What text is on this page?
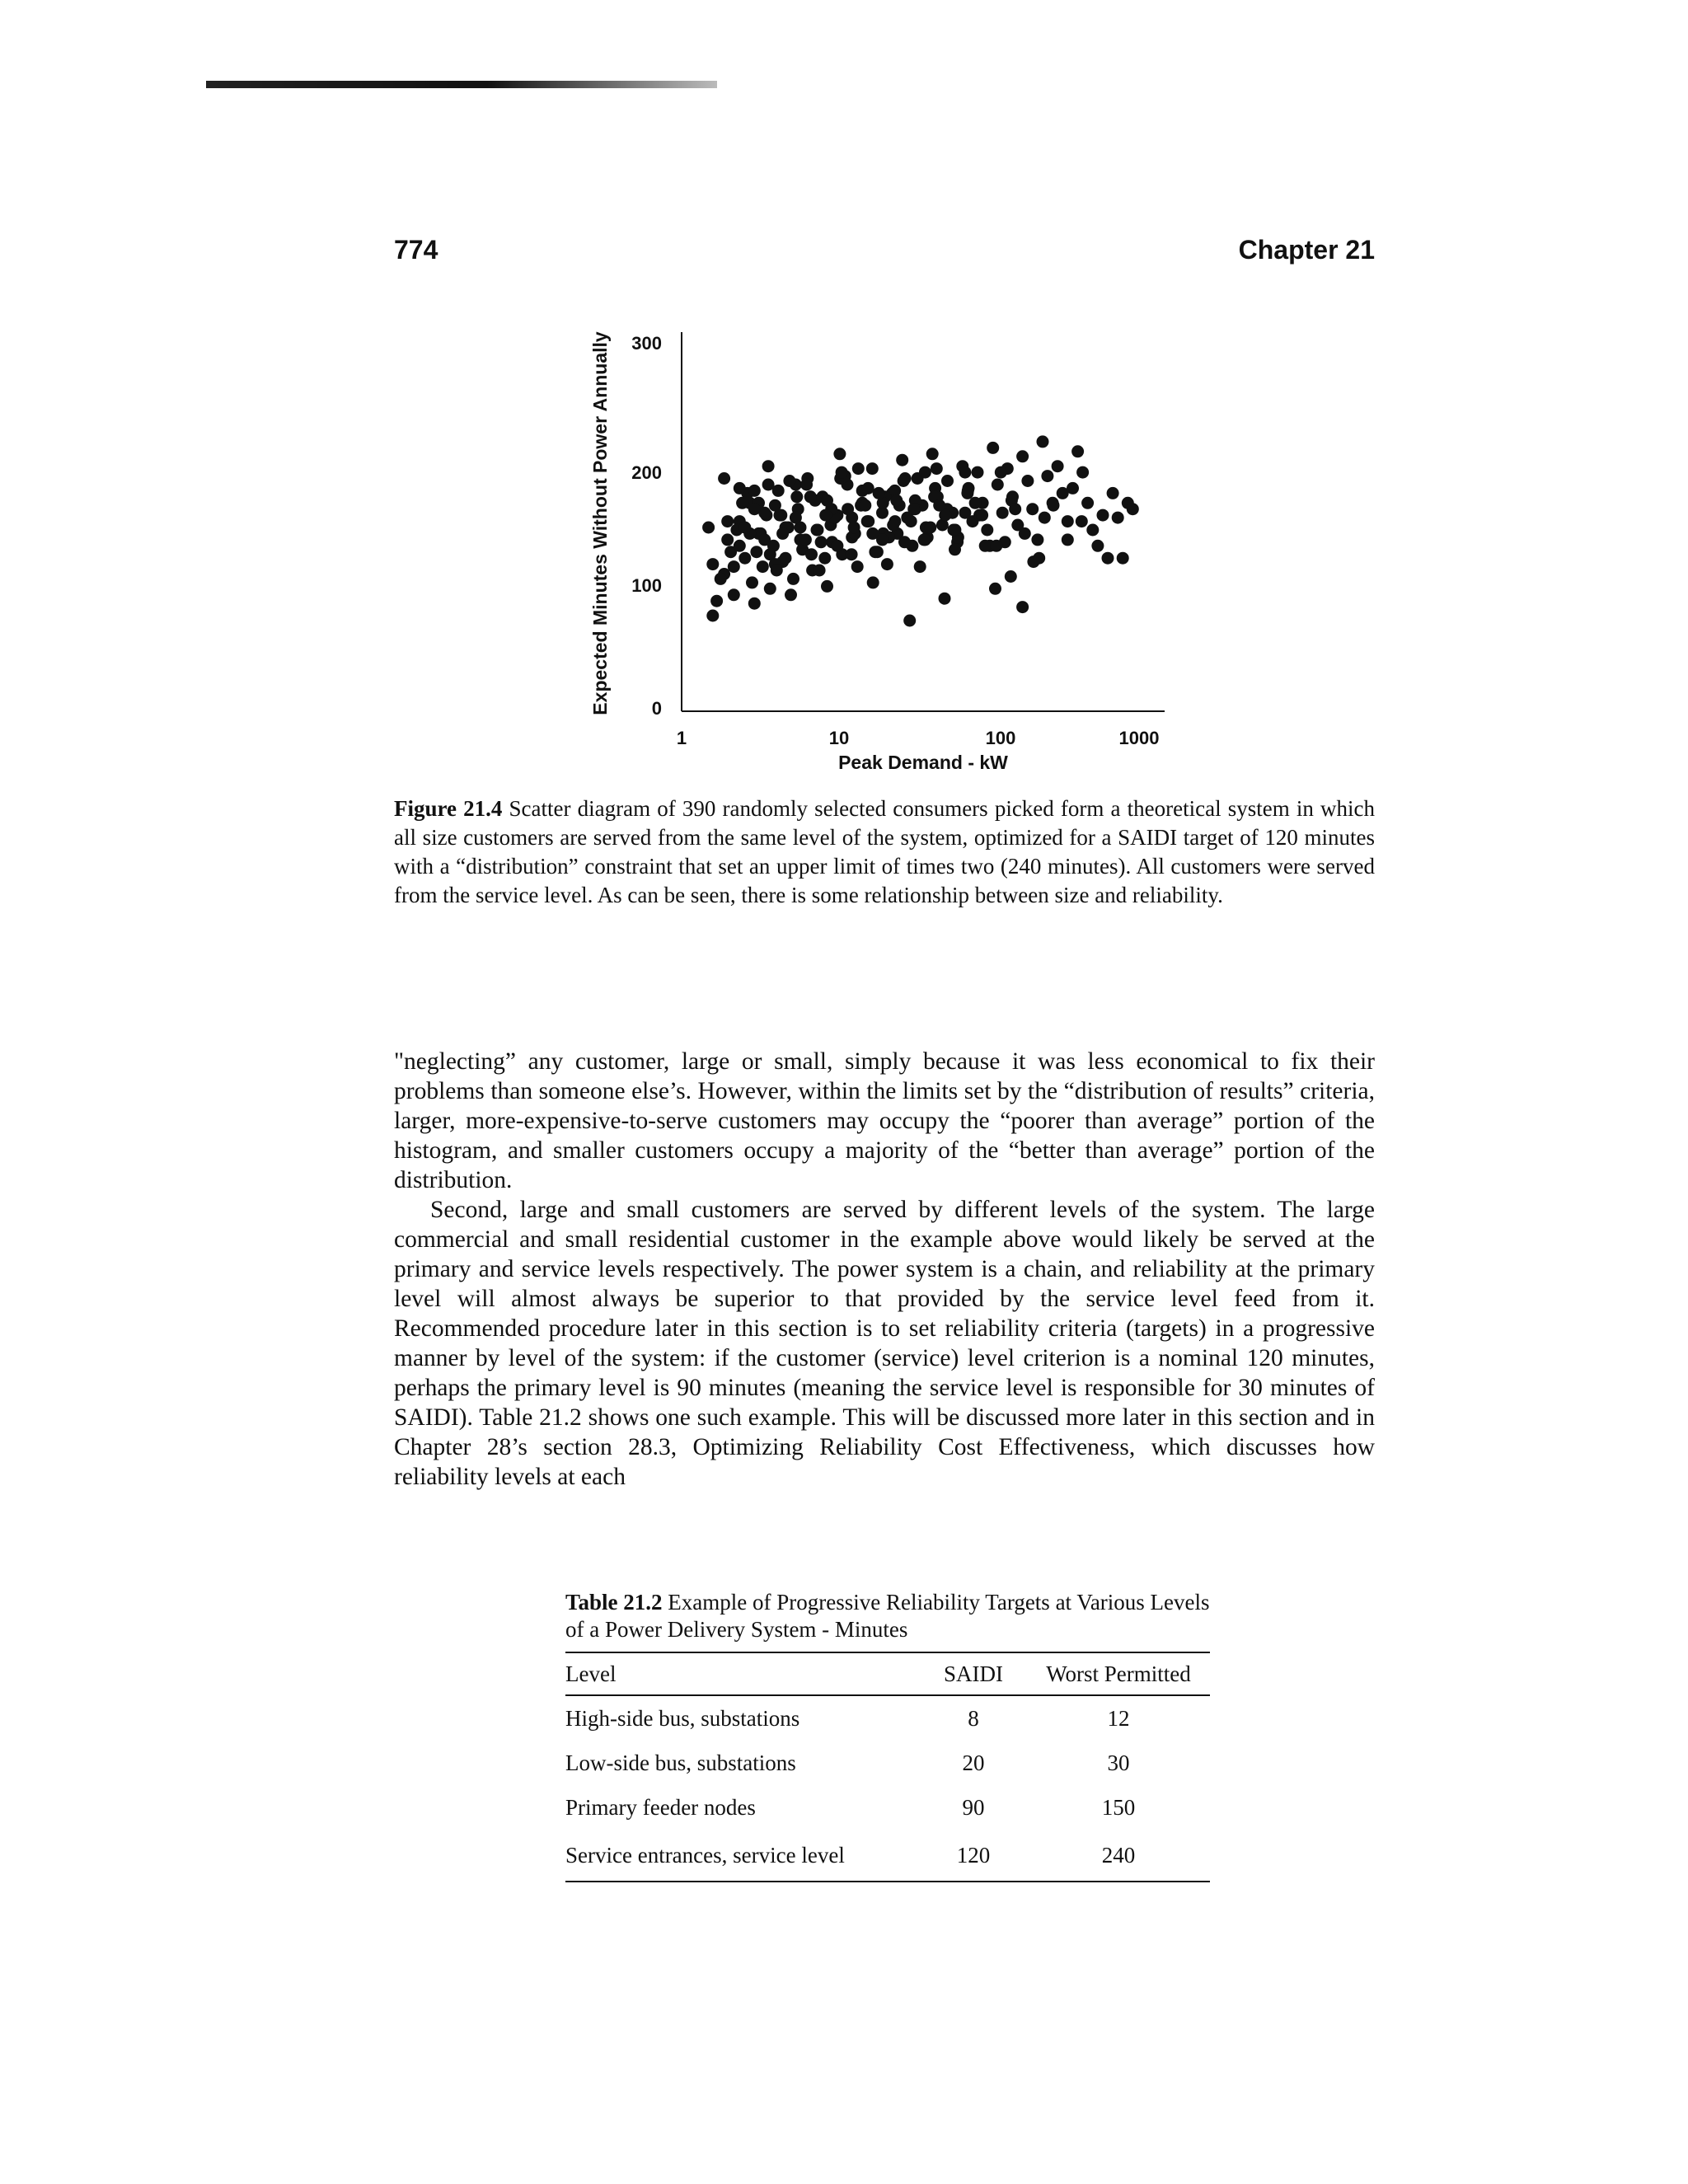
774	Chapter 21
300
200
100
0
1	10	100	1000
Peak Demand - kW
Expected Minutes Without Power Annually
Figure 21.4 Scatter diagram of 390 randomly selected consumers picked form a theoretical system in which all size customers are served from the same level of the system, optimized for a SAIDI target of 120 minutes with a “distribution” constraint that set an upper limit of times two (240 minutes). All customers were served from the service level. As can be seen, there is some relationship between size and reliability.

"neglecting” any customer, large or small, simply because it was less economical to fix their problems than someone else’s. However, within the limits set by the “distribution of results” criteria, larger, more-expensive-to-serve customers may occupy the “poorer than average” portion of the histogram, and smaller customers occupy a majority of the “better than average” portion of the distribution.

Second, large and small customers are served by different levels of the system. The large commercial and small residential customer in the example above would likely be served at the primary and service levels respectively. The power system is a chain, and reliability at the primary level will almost always be superior to that provided by the service level feed from it. Recommended procedure later in this section is to set reliability criteria (targets) in a progressive manner by level of the system: if the customer (service) level criterion is a nominal 120 minutes, perhaps the primary level is 90 minutes (meaning the service level is responsible for 30 minutes of SAIDI). Table 21.2 shows one such example. This will be discussed more later in this section and in Chapter 28’s section 28.3, Optimizing Reliability Cost Effectiveness, which discusses how reliability levels at each

Table 21.2 Example of Progressive Reliability Targets at Various Levels of a Power Delivery System - Minutes
Level	SAIDI	Worst Permitted
High-side bus, substations	8	12
Low-side bus, substations	20	30
Primary feeder nodes	90	150
Service entrances, service level	120	240
